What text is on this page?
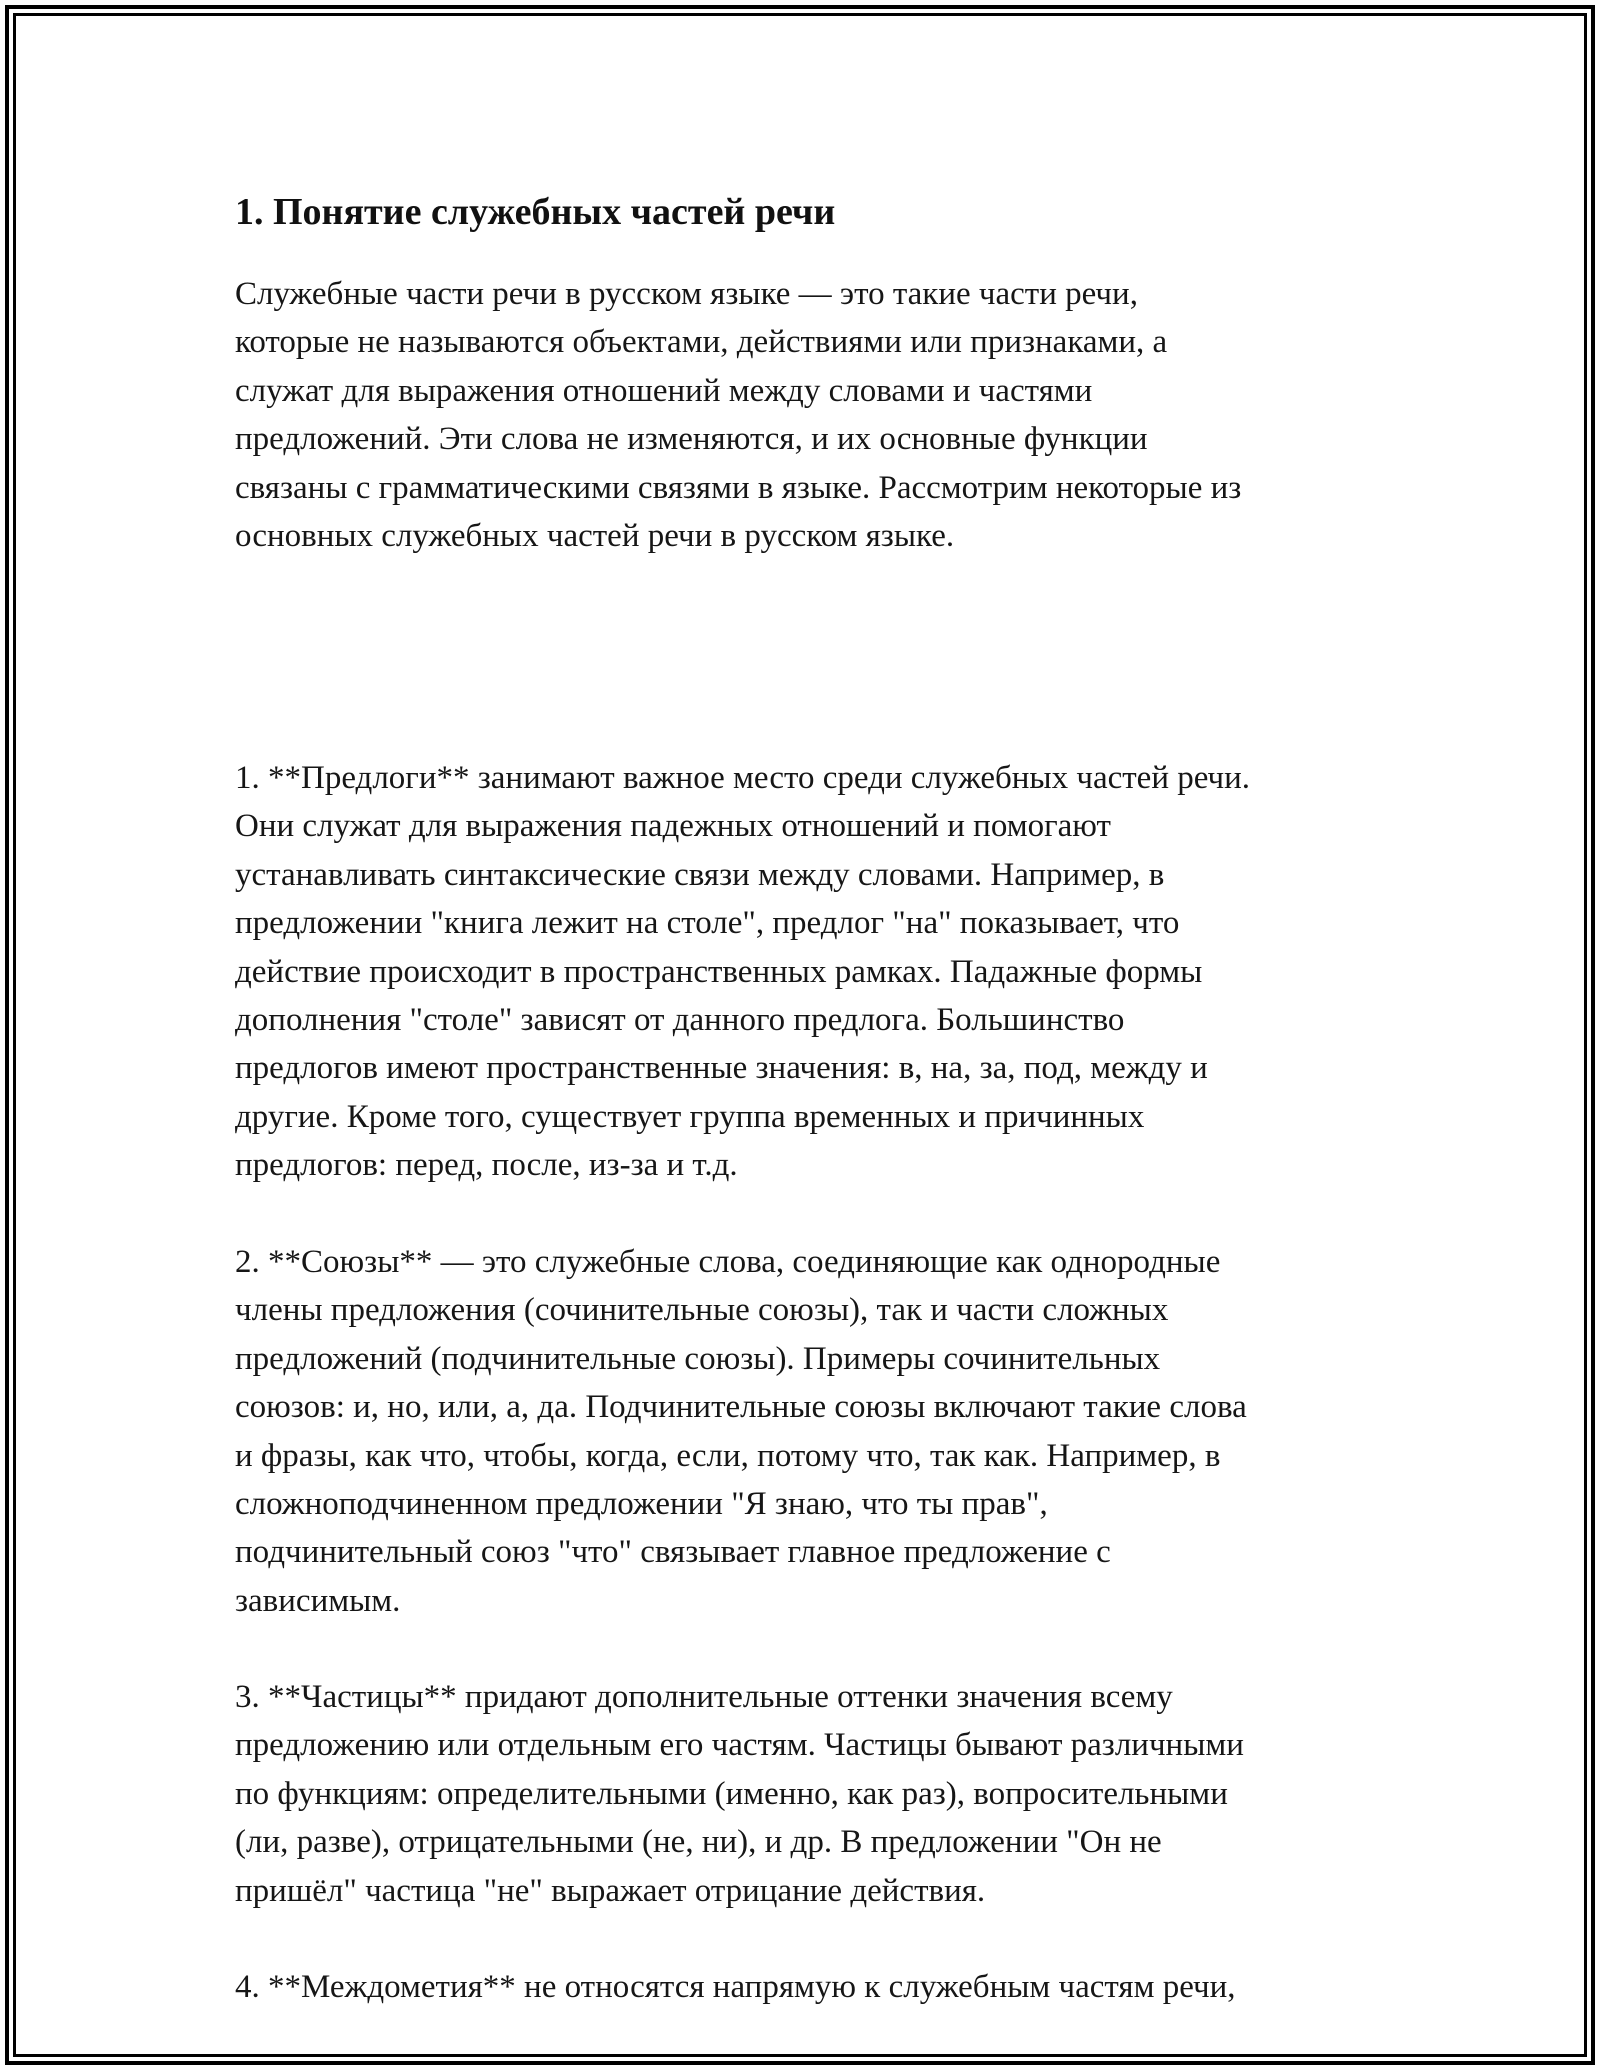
1. Понятие служебных частей речи

Служебные части речи в русском языке — это такие части речи,
которые не называются объектами, действиями или признаками, а
служат для выражения отношений между словами и частями
предложений. Эти слова не изменяются, и их основные функции
связаны с грамматическими связями в языке. Рассмотрим некоторые из
основных служебных частей речи в русском языке.

1. **Предлоги** занимают важное место среди служебных частей речи.
Они служат для выражения падежных отношений и помогают
устанавливать синтаксические связи между словами. Например, в
предложении "книга лежит на столе", предлог "на" показывает, что
действие происходит в пространственных рамках. Падажные формы
дополнения "столе" зависят от данного предлога. Большинство
предлогов имеют пространственные значения: в, на, за, под, между и
другие. Кроме того, существует группа временных и причинных
предлогов: перед, после, из-за и т.д.

2. **Союзы** — это служебные слова, соединяющие как однородные
члены предложения (сочинительные союзы), так и части сложных
предложений (подчинительные союзы). Примеры сочинительных
союзов: и, но, или, а, да. Подчинительные союзы включают такие слова
и фразы, как что, чтобы, когда, если, потому что, так как. Например, в
сложноподчиненном предложении "Я знаю, что ты прав",
подчинительный союз "что" связывает главное предложение с
зависимым.

3. **Частицы** придают дополнительные оттенки значения всему
предложению или отдельным его частям. Частицы бывают различными
по функциям: определительными (именно, как раз), вопросительными
(ли, разве), отрицательными (не, ни), и др. В предложении "Он не
пришёл" частица "не" выражает отрицание действия.

4. **Междометия** не относятся напрямую к служебным частям речи,
